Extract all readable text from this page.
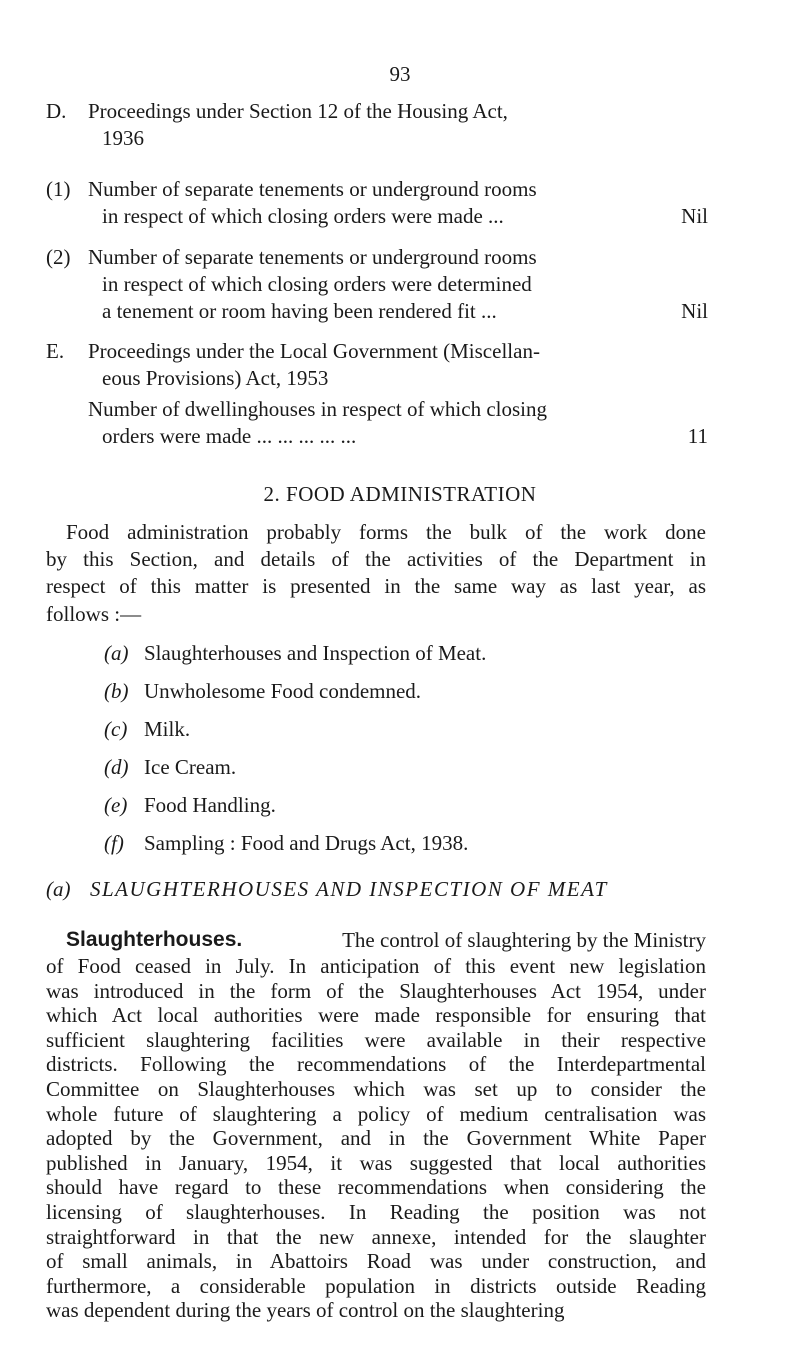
93
D. Proceedings under Section 12 of the Housing Act,
1936
(1) Number of separate tenements or underground rooms
in respect of which closing orders were made ...	Nil
(2) Number of separate tenements or underground rooms
in respect of which closing orders were determined
a tenement or room having been rendered fit ...	Nil
E. Proceedings under the Local Government (Miscellan-
eous Provisions) Act, 1953
Number of dwellinghouses in respect of which closing
orders were made ... ... ... ... ...	11
2. FOOD ADMINISTRATION
Food administration probably forms the bulk of the work done
by this Section, and details of the activities of the Department in
respect of this matter is presented in the same way as last year, as
follows :—
(a) Slaughterhouses and Inspection of Meat.
(b) Unwholesome Food condemned.
(c) Milk.
(d) Ice Cream.
(e) Food Handling.
(f) Sampling : Food and Drugs Act, 1938.
(a) SLAUGHTERHOUSES AND INSPECTION OF MEAT
Slaughterhouses.	The control of slaughtering by the Ministry
of Food ceased in July. In anticipation of this event new legislation
was introduced in the form of the Slaughterhouses Act 1954, under
which Act local authorities were made responsible for ensuring that
sufficient slaughtering facilities were available in their respective
districts. Following the recommendations of the Interdepartmental
Committee on Slaughterhouses which was set up to consider the
whole future of slaughtering a policy of medium centralisation was
adopted by the Government, and in the Government White Paper
published in January, 1954, it was suggested that local authorities
should have regard to these recommendations when considering the
licensing of slaughterhouses. In Reading the position was not
straightforward in that the new annexe, intended for the slaughter
of small animals, in Abattoirs Road was under construction, and
furthermore, a considerable population in districts outside Reading
was dependent during the years of control on the slaughtering
